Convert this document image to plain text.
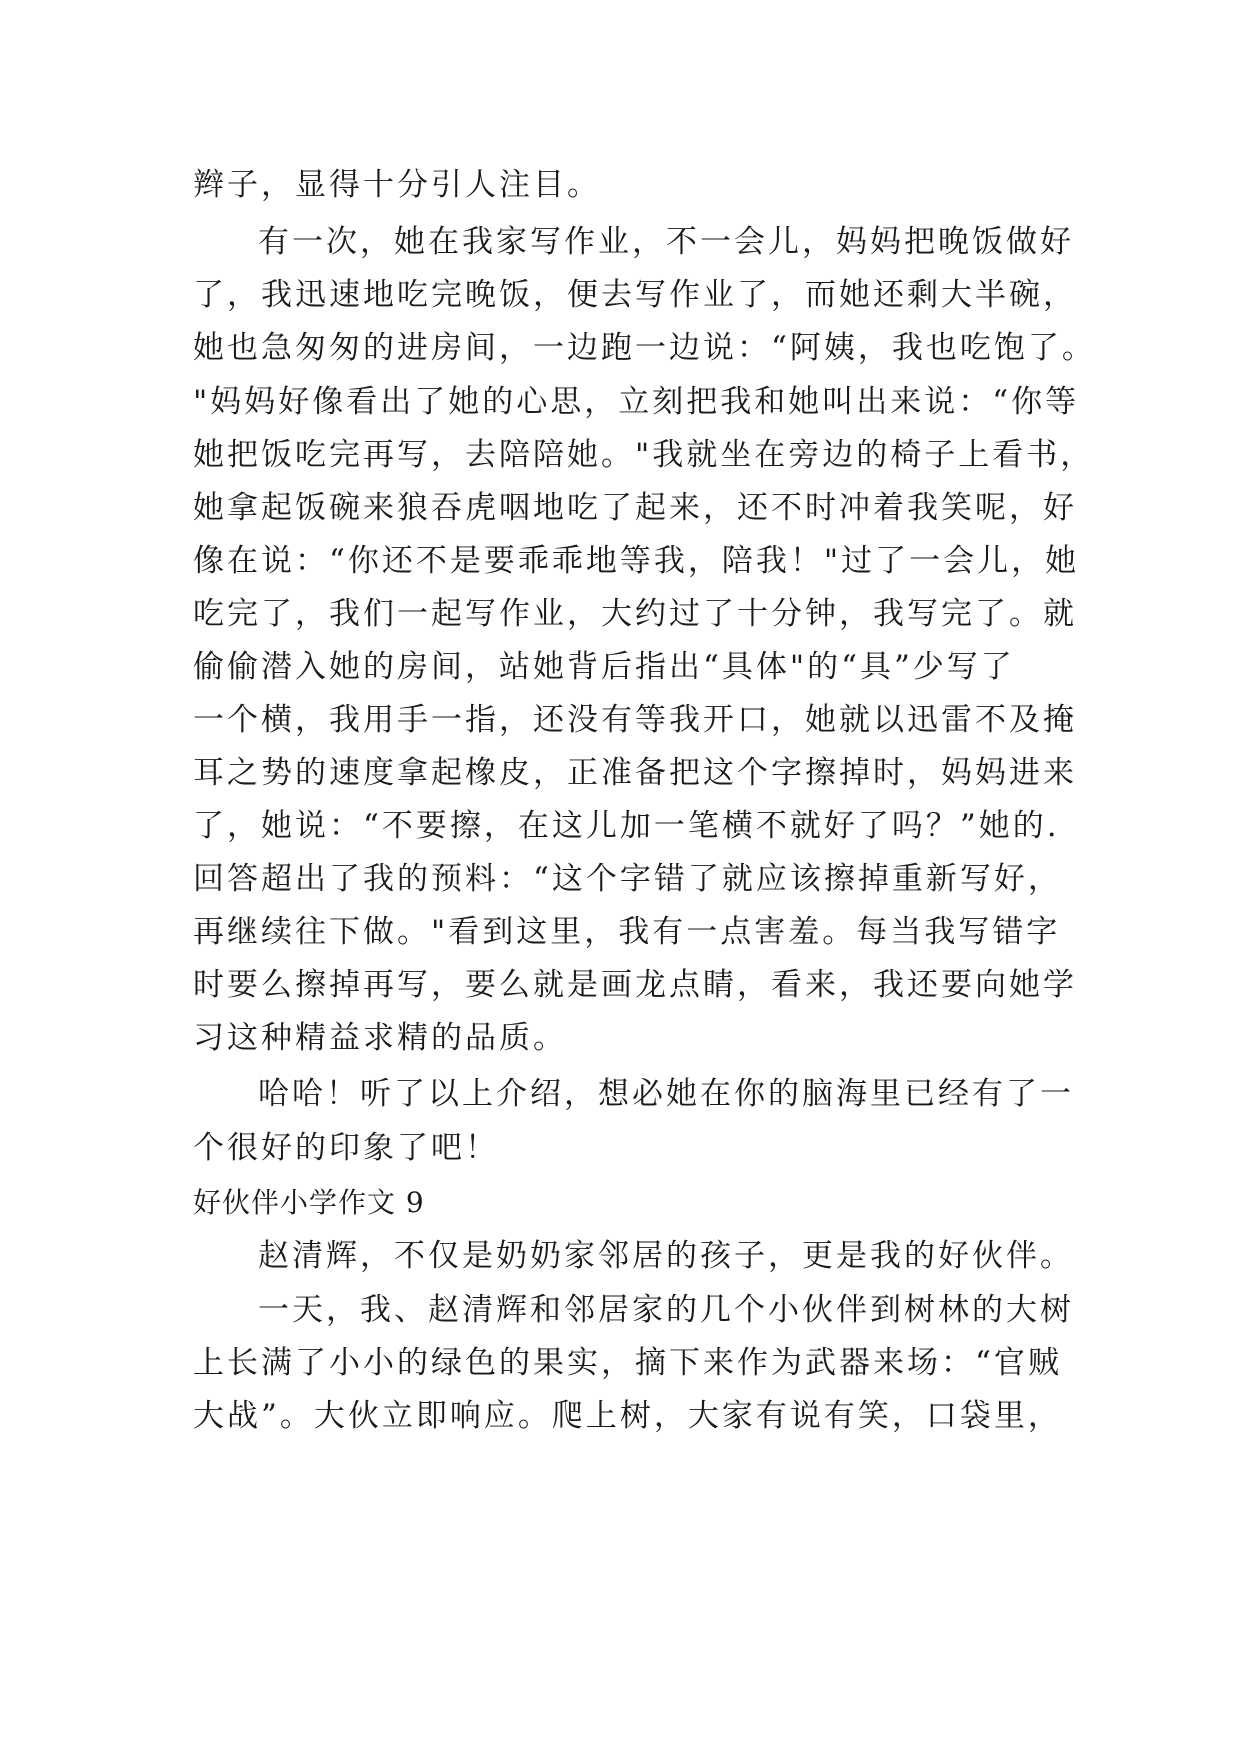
辫子，显得十分引人注目。
有一次，她在我家写作业，不一会儿，妈妈把晚饭做好
了，我迅速地吃完晚饭，便去写作业了，而她还剩大半碗，
她也急匆匆的进房间，一边跑一边说：“阿姨，我也吃饱了。
"妈妈好像看出了她的心思，立刻把我和她叫出来说：“你等
她把饭吃完再写，去陪陪她。"我就坐在旁边的椅子上看书，
她拿起饭碗来狼吞虎咽地吃了起来，还不时冲着我笑呢，好
像在说：“你还不是要乖乖地等我，陪我！"过了一会儿，她
吃完了，我们一起写作业，大约过了十分钟，我写完了。就
偷偷潜入她的房间，站她背后指出“具体"的“具”少写了
一个横，我用手一指，还没有等我开口，她就以迅雷不及掩
耳之势的速度拿起橡皮，正准备把这个字擦掉时，妈妈进来
了，她说：“不要擦，在这儿加一笔横不就好了吗？”她的.
回答超出了我的预料：“这个字错了就应该擦掉重新写好，
再继续往下做。"看到这里，我有一点害羞。每当我写错字
时要么擦掉再写，要么就是画龙点睛，看来，我还要向她学
习这种精益求精的品质。
哈哈！听了以上介绍，想必她在你的脑海里已经有了一
个很好的印象了吧！
好伙伴小学作文 9
赵清辉，不仅是奶奶家邻居的孩子，更是我的好伙伴。
一天，我、赵清辉和邻居家的几个小伙伴到树林的大树
上长满了小小的绿色的果实，摘下来作为武器来场：“官贼
大战”。大伙立即响应。爬上树，大家有说有笑，口袋里，
